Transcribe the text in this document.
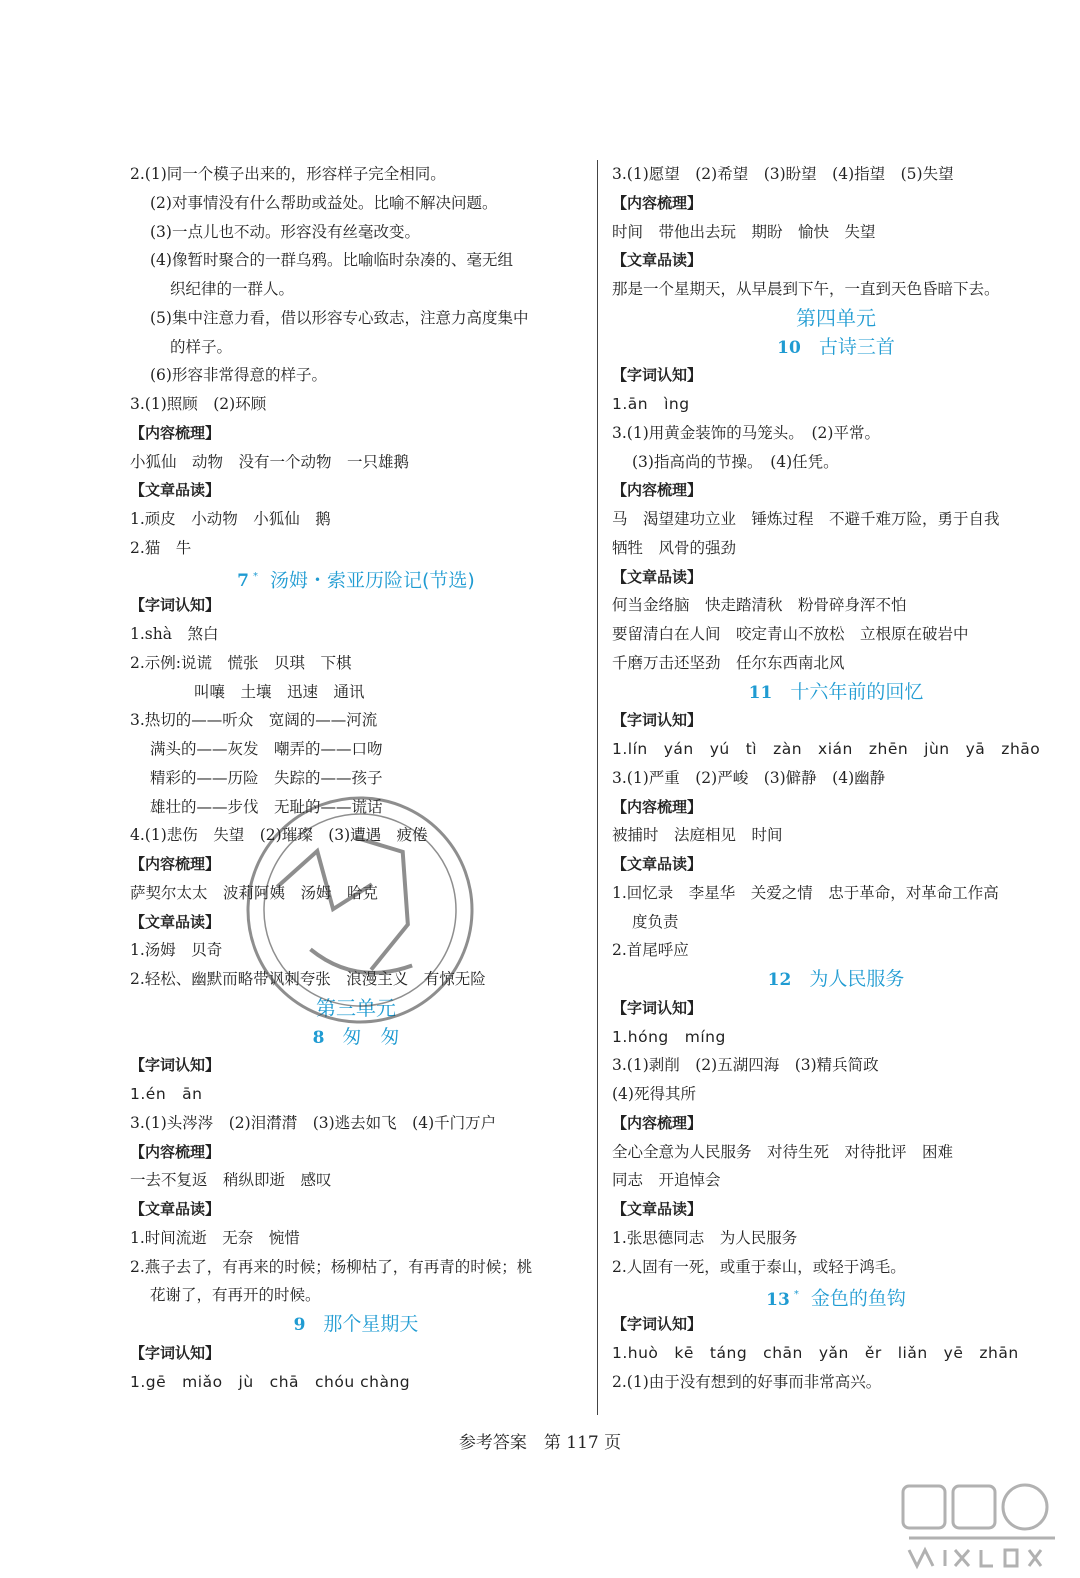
2.(1)同一个模子出来的，形容样子完全相同。
(2)对事情没有什么帮助或益处。比喻不解决问题。
(3)一点儿也不动。形容没有丝毫改变。
(4)像暂时聚合的一群乌鸦。比喻临时杂凑的、毫无组
织纪律的一群人。
(5)集中注意力看，借以形容专心致志，注意力高度集中
的样子。
(6)形容非常得意的样子。
3.(1)照顾　(2)环顾
【内容梳理】
小狐仙　动物　没有一个动物　一只雄鹅
【文章品读】
1.顽皮　小动物　小狐仙　鹅
2.猫　牛
7 * 汤姆・索亚历险记(节选)
【字词认知】
1.shà　煞白
2.示例:说谎　慌张　贝琪　下棋
叫嚷　土壤　迅速　通讯
3.热切的——听众　宽阔的——河流
满头的——灰发　嘲弄的——口吻
精彩的——历险　失踪的——孩子
雄壮的——步伐　无耻的——谎话
4.(1)悲伤　失望　(2)璀璨　(3)遭遇　疲倦
【内容梳理】
萨契尔太太　波莉阿姨　汤姆　哈克
【文章品读】
1.汤姆　贝奇
2.轻松、幽默而略带讽刺夸张　浪漫主义　有惊无险
第三单元
8 匆　匆
【字词认知】
1.én　ān
3.(1)头涔涔　(2)泪潸潸　(3)逃去如飞　(4)千门万户
【内容梳理】
一去不复返　稍纵即逝　感叹
【文章品读】
1.时间流逝　无奈　惋惜
2.燕子去了，有再来的时候；杨柳枯了，有再青的时候；桃
花谢了，有再开的时候。
9 那个星期天
【字词认知】
1.gē　miǎo　jù　chā　chóu chàng
3.(1)愿望　(2)希望　(3)盼望　(4)指望　(5)失望
【内容梳理】
时间　带他出去玩　期盼　愉快　失望
【文章品读】
那是一个星期天，从早晨到下午，一直到天色昏暗下去。
第四单元
10 古诗三首
【字词认知】
1.ān　ìng
3.(1)用黄金装饰的马笼头。　(2)平常。
(3)指高尚的节操。　(4)任凭。
【内容梳理】
马　渴望建功立业　锤炼过程　不避千难万险，勇于自我
牺牲　风骨的强劲
【文章品读】
何当金络脑　快走踏清秋　粉骨碎身浑不怕
要留清白在人间　咬定青山不放松　立根原在破岩中
千磨万击还坚劲　任尔东西南北风
11 十六年前的回忆
【字词认知】
1.lín　yán　yú　tì　zàn　xián　zhēn　jùn　yā　zhāo
3.(1)严重　(2)严峻　(3)僻静　(4)幽静
【内容梳理】
被捕时　法庭相见　时间
【文章品读】
1.回忆录　李星华　关爱之情　忠于革命，对革命工作高
度负责
2.首尾呼应
12 为人民服务
【字词认知】
1.hóng　míng
3.(1)剥削　(2)五湖四海　(3)精兵简政
(4)死得其所
【内容梳理】
全心全意为人民服务　对待生死　对待批评　困难
同志　开追悼会
【文章品读】
1.张思德同志　为人民服务
2.人固有一死，或重于泰山，或轻于鸿毛。
13 * 金色的鱼钩
【字词认知】
1.huò　kē　táng　chān　yǎn　ěr　liǎn　yē　zhān
2.(1)由于没有想到的好事而非常高兴。
参考答案　第 117 页
